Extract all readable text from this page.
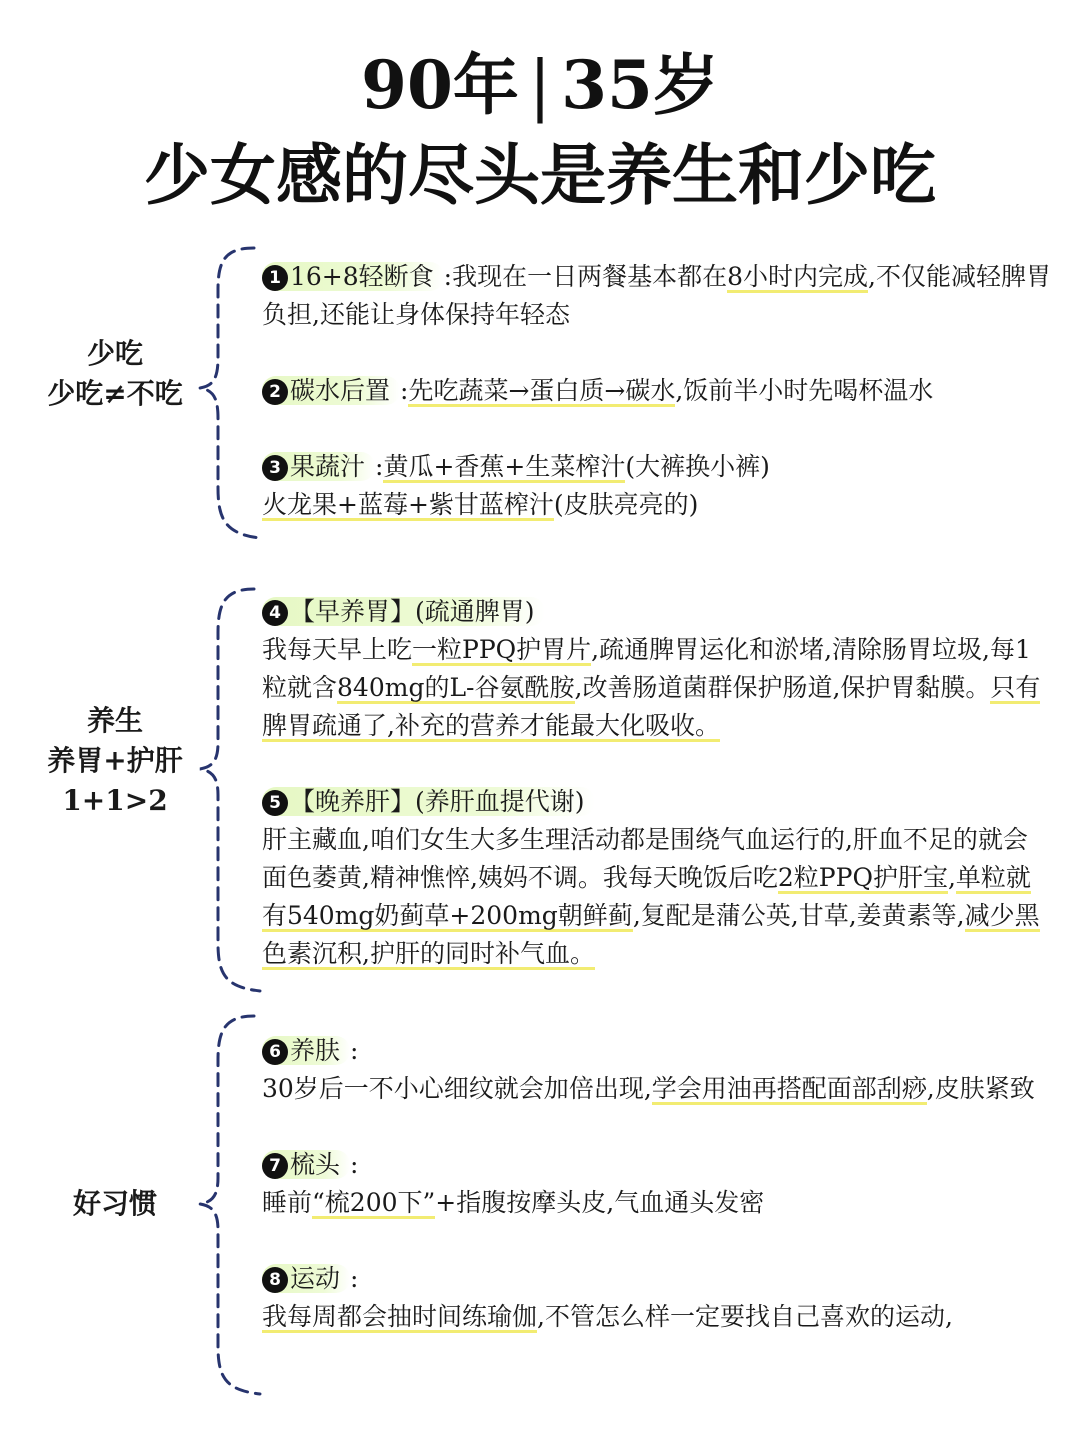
90年 | 35岁
少女感的尽头是养生和少吃
少吃
少吃≠不吃
1 16+8轻断食 :我现在一日两餐基本都在8小时内完成,不仅能减轻脾胃负担,还能让身体保持年轻态
2 碳水后置 :先吃蔬菜→蛋白质→碳水,饭前半小时先喝杯温水
3 果蔬汁 :黄瓜+香蕉+生菜榨汁(大裤换小裤)
火龙果+蓝莓+紫甘蓝榨汁(皮肤亮亮的)
养生
养胃+护肝
1+1>2
4 【早养胃】(疏通脾胃)
我每天早上吃一粒PPQ护胃片,疏通脾胃运化和淤堵,清除肠胃垃圾,每1粒就含840mg的L-谷氨酰胺,改善肠道菌群保护肠道,保护胃黏膜。只有脾胃疏通了,补充的营养才能最大化吸收。
5 【晚养肝】(养肝血提代谢)
肝主藏血,咱们女生大多生理活动都是围绕气血运行的,肝血不足的就会面色萎黄,精神憔悴,姨妈不调。我每天晚饭后吃2粒PPQ护肝宝,单粒就有540mg奶蓟草+200mg朝鲜蓟,复配是蒲公英,甘草,姜黄素等,减少黑色素沉积,护肝的同时补气血。
好习惯
6 养肤 :
30岁后一不小心细纹就会加倍出现,学会用油再搭配面部刮痧,皮肤紧致
7 梳头 :
睡前“梳200下”+指腹按摩头皮,气血通头发密
8 运动 :
我每周都会抽时间练瑜伽,不管怎么样一定要找自己喜欢的运动,
